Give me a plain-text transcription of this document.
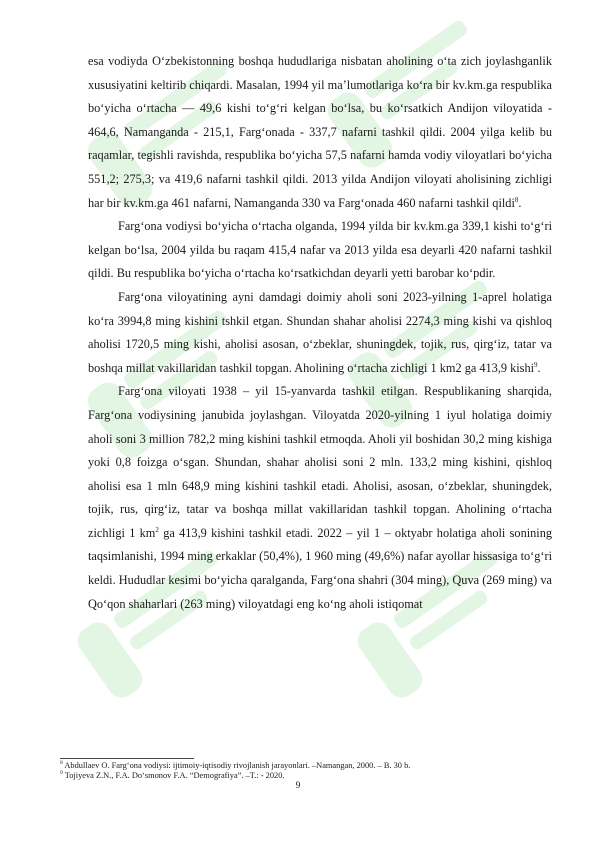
esa vodiyda O‘zbekistonning boshqa hududlariga nisbatan aholining o‘ta zich joylashganlik xususiyatini keltirib chiqardi. Masalan, 1994 yil ma’lumotlariga ko‘ra bir kv.km.ga respublika bo‘yicha o‘rtacha — 49,6 kishi to‘g‘ri kelgan bo‘lsa, bu ko‘rsatkich Andijon viloyatida - 464,6, Namanganda - 215,1, Farg‘onada - 337,7 nafarni tashkil qildi. 2004 yilga kelib bu raqamlar, tegishli ravishda, respublika bo‘yicha 57,5 nafarni hamda vodiy viloyatlari bo‘yicha 551,2; 275,3; va 419,6 nafarni tashkil qildi. 2013 yilda Andijon viloyati aholisining zichligi har bir kv.km.ga 461 nafarni, Namanganda 330 va Farg‘onada 460 nafarni tashkil qildi$^8$.

Farg‘ona vodiysi bo‘yicha o‘rtacha olganda, 1994 yilda bir kv.km.ga 339,1 kishi to‘g‘ri kelgan bo‘lsa, 2004 yilda bu raqam 415,4 nafar va 2013 yilda esa deyarli 420 nafarni tashkil qildi. Bu respublika bo‘yicha o‘rtacha ko‘rsatkichdan deyarli yetti barobar ko‘pdir.

Farg‘ona viloyatining ayni damdagi doimiy aholi soni 2023-yilning 1-aprel holatiga ko‘ra 3994,8 ming kishini tshkil etgan. Shundan shahar aholisi 2274,3 ming kishi va qishloq aholisi 1720,5 ming kishi, aholisi asosan, o‘zbeklar, shuningdek, tojik, rus, qirg‘iz, tatar va boshqa millat vakillaridan tashkil topgan. Aholining o‘rtacha zichligi 1 km2 ga 413,9 kishi$^9$.

Farg‘ona viloyati 1938 – yil 15-yanvarda tashkil etilgan. Respublikaning sharqida, Farg‘ona vodiysining janubida joylashgan. Viloyatda 2020-yilning 1 iyul holatiga doimiy aholi soni 3 million 782,2 ming kishini tashkil etmoqda. Aholi yil boshidan 30,2 ming kishiga yoki 0,8 foizga o‘sgan. Shundan, shahar aholisi soni 2 mln. 133,2 ming kishini, qishloq aholisi esa 1 mln 648,9 ming kishini tashkil etadi. Aholisi, asosan, o‘zbeklar, shuningdek, tojik, rus, qirg‘iz, tatar va boshqa millat vakillaridan tashkil topgan. Aholining o‘rtacha zichligi 1 $km^2$ ga 413,9 kishini tashkil etadi. 2022 – yil 1 – oktyabr holatiga aholi sonining taqsimlanishi, 1994 ming erkaklar (50,4%), 1 960 ming (49,6%) nafar ayollar hissasiga to‘g‘ri keldi. Hududlar kesimi bo‘yicha qaralganda, Farg‘ona shahri (304 ming), Quva (269 ming) va Qo‘qon shaharlari (263 ming) viloyatdagi eng ko‘ng aholi istiqomat

$^8$ Abdullaev O. Farg‘ona vodiysi: ijtimoiy-iqtisodiy rivojlanish jarayonlari. –Namangan, 2000. – B. 30 b.
$^9$ Tojiyeva Z.N., F.A. Do‘smonov F.A. “Demografiya”. –T.: - 2020.
9
